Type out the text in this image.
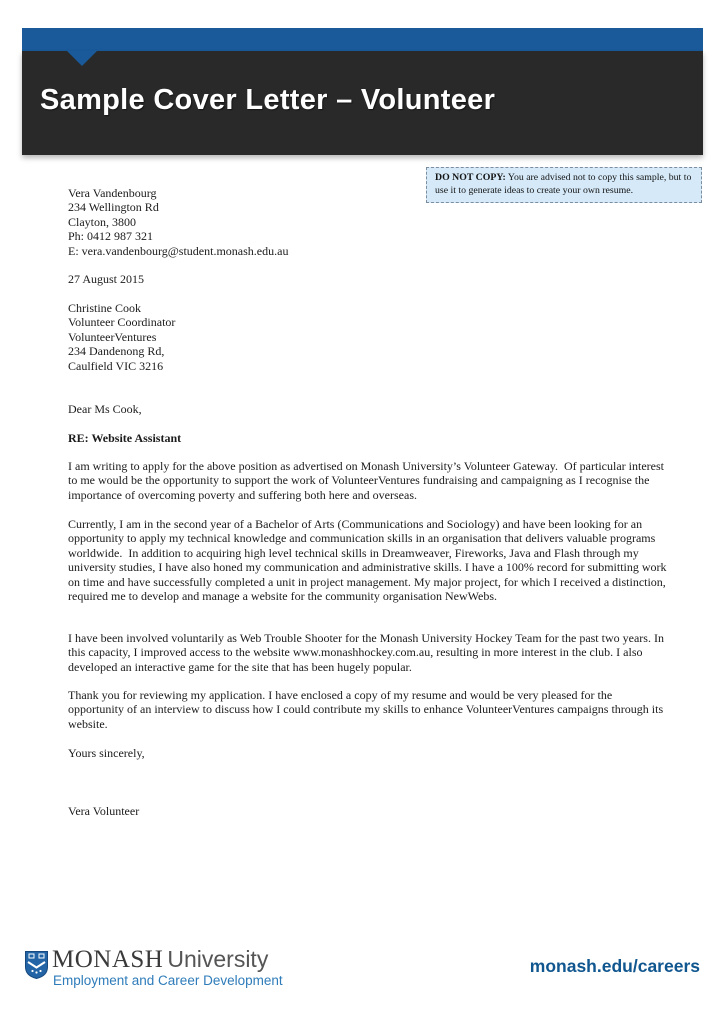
Sample Cover Letter – Volunteer
DO NOT COPY: You are advised not to copy this sample, but to use it to generate ideas to create your own resume.
Vera Vandenbourg
234 Wellington Rd
Clayton, 3800
Ph: 0412 987 321
E: vera.vandenbourg@student.monash.edu.au
27 August 2015
Christine Cook
Volunteer Coordinator
VolunteerVentures
234 Dandenong Rd,
Caulfield VIC 3216
Dear Ms Cook,
RE: Website Assistant
I am writing to apply for the above position as advertised on Monash University’s Volunteer Gateway.  Of particular interest to me would be the opportunity to support the work of VolunteerVentures fundraising and campaigning as I recognise the importance of overcoming poverty and suffering both here and overseas.
Currently, I am in the second year of a Bachelor of Arts (Communications and Sociology) and have been looking for an opportunity to apply my technical knowledge and communication skills in an organisation that delivers valuable programs worldwide.  In addition to acquiring high level technical skills in Dreamweaver, Fireworks, Java and Flash through my university studies, I have also honed my communication and administrative skills. I have a 100% record for submitting work on time and have successfully completed a unit in project management. My major project, for which I received a distinction, required me to develop and manage a website for the community organisation NewWebs.
I have been involved voluntarily as Web Trouble Shooter for the Monash University Hockey Team for the past two years. In this capacity, I improved access to the website www.monashhockey.com.au, resulting in more interest in the club. I also developed an interactive game for the site that has been hugely popular.
Thank you for reviewing my application. I have enclosed a copy of my resume and would be very pleased for the opportunity of an interview to discuss how I could contribute my skills to enhance VolunteerVentures campaigns through its website.
Yours sincerely,
Vera Volunteer
MONASH University
Employment and Career Development
monash.edu/careers
